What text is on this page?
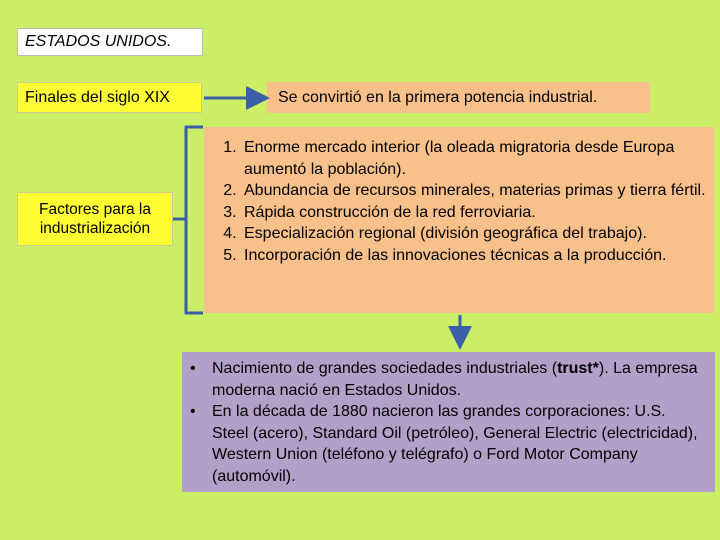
ESTADOS UNIDOS.
Finales del siglo XIX	Se convirtió en la primera potencia industrial.
Factores para la industrialización
1. Enorme mercado interior (la oleada migratoria desde Europa aumentó la población).
2. Abundancia de recursos minerales, materias primas y tierra fértil.
3. Rápida construcción de la red ferroviaria.
4. Especialización regional (división geográfica del trabajo).
5. Incorporación de las innovaciones técnicas a la producción.
• Nacimiento de grandes sociedades industriales (trust*). La empresa moderna nació en Estados Unidos.
• En la década de 1880 nacieron las grandes corporaciones: U.S. Steel (acero), Standard Oil (petróleo), General Electric (electricidad), Western Union (teléfono y telégrafo) o Ford Motor Company (automóvil).
